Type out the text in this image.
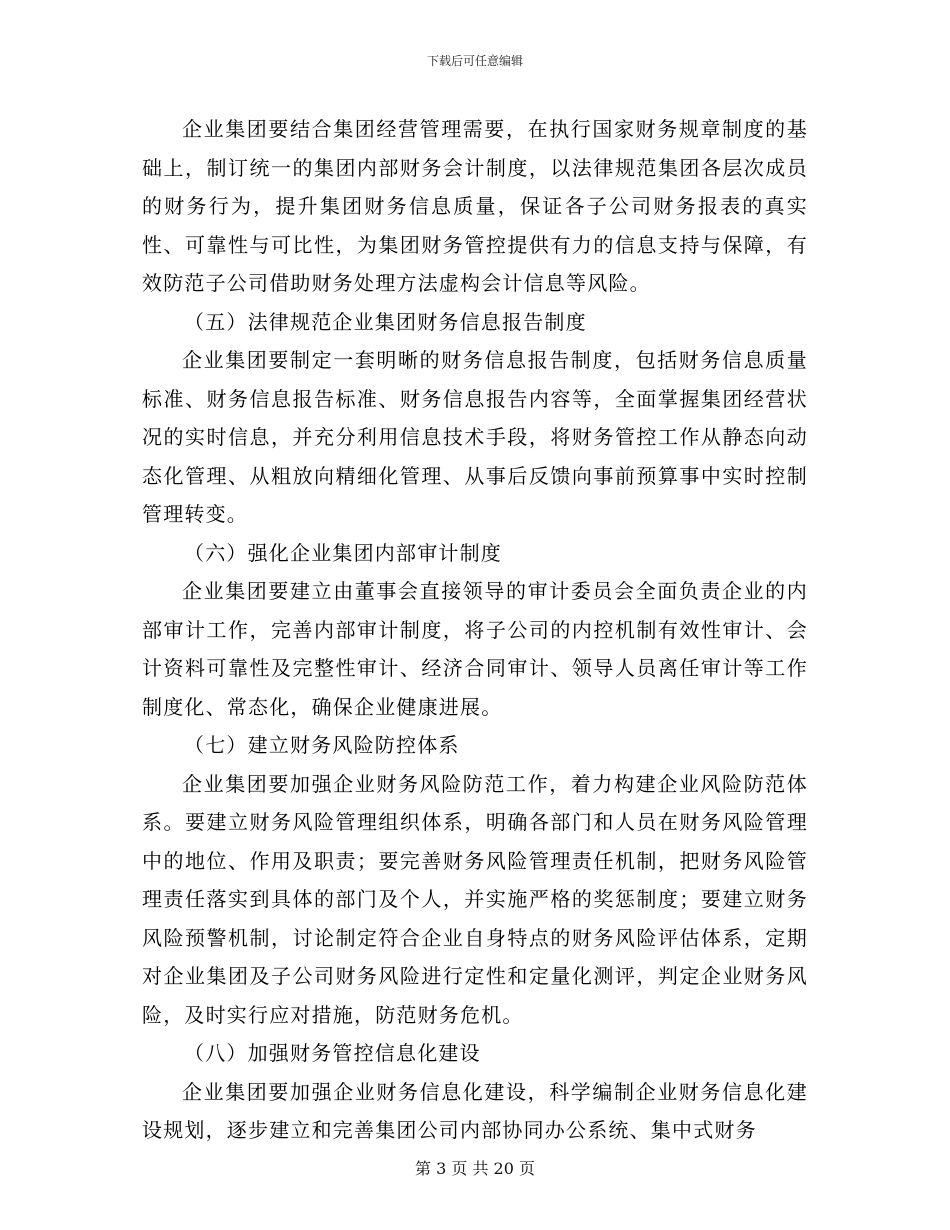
下载后可任意编辑

企业集团要结合集团经营管理需要，在执行国家财务规章制度的基础上，制订统一的集团内部财务会计制度，以法律规范集团各层次成员的财务行为，提升集团财务信息质量，保证各子公司财务报表的真实性、可靠性与可比性，为集团财务管控提供有力的信息支持与保障，有效防范子公司借助财务处理方法虚构会计信息等风险。

（五）法律规范企业集团财务信息报告制度

企业集团要制定一套明晰的财务信息报告制度，包括财务信息质量标准、财务信息报告标准、财务信息报告内容等，全面掌握集团经营状况的实时信息，并充分利用信息技术手段，将财务管控工作从静态向动态化管理、从粗放向精细化管理、从事后反馈向事前预算事中实时控制管理转变。

（六）强化企业集团内部审计制度

企业集团要建立由董事会直接领导的审计委员会全面负责企业的内部审计工作，完善内部审计制度，将子公司的内控机制有效性审计、会计资料可靠性及完整性审计、经济合同审计、领导人员离任审计等工作制度化、常态化，确保企业健康进展。

（七）建立财务风险防控体系

企业集团要加强企业财务风险防范工作，着力构建企业风险防范体系。要建立财务风险管理组织体系，明确各部门和人员在财务风险管理中的地位、作用及职责；要完善财务风险管理责任机制，把财务风险管理责任落实到具体的部门及个人，并实施严格的奖惩制度；要建立财务风险预警机制，讨论制定符合企业自身特点的财务风险评估体系，定期对企业集团及子公司财务风险进行定性和定量化测评，判定企业财务风险，及时实行应对措施，防范财务危机。

（八）加强财务管控信息化建设

企业集团要加强企业财务信息化建设，科学编制企业财务信息化建设规划，逐步建立和完善集团公司内部协同办公系统、集中式财务

第 3 页 共 20 页
